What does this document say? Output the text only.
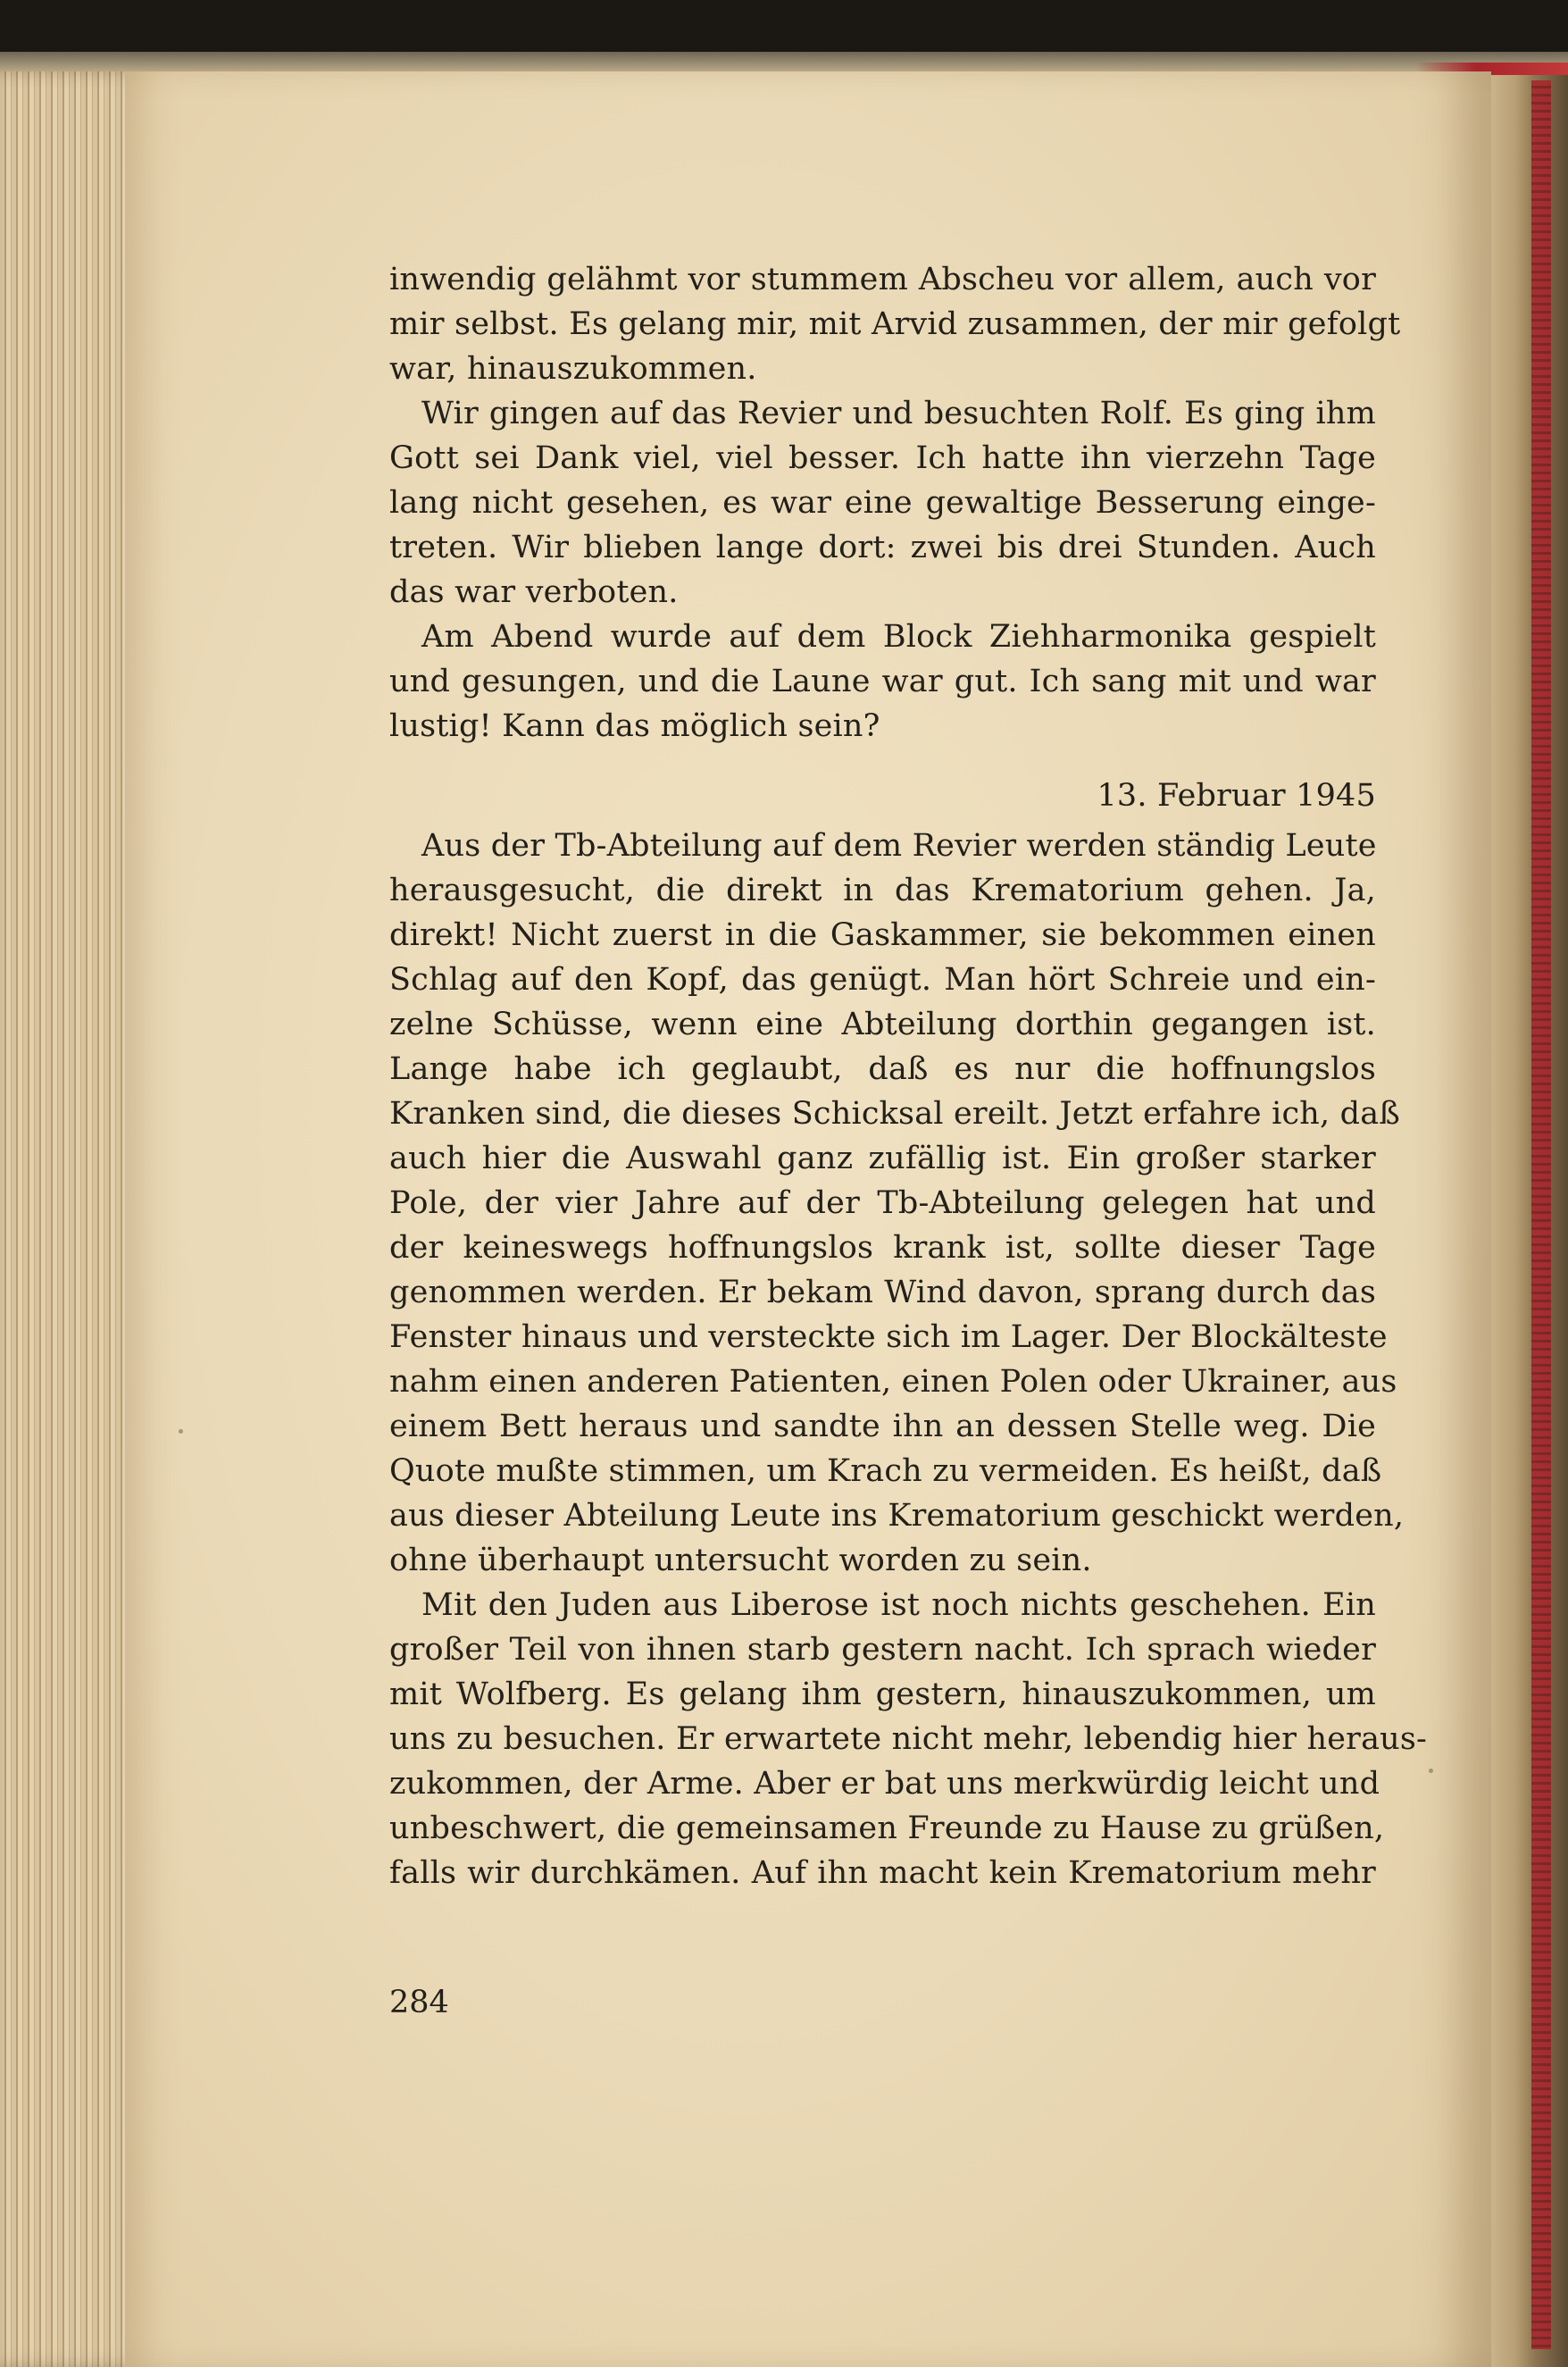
inwendig gelähmt vor stummem Abscheu vor allem, auch vor
mir selbst. Es gelang mir, mit Arvid zusammen, der mir gefolgt
war, hinauszukommen.
Wir gingen auf das Revier und besuchten Rolf. Es ging ihm
Gott sei Dank viel, viel besser. Ich hatte ihn vierzehn Tage
lang nicht gesehen, es war eine gewaltige Besserung einge-
treten. Wir blieben lange dort: zwei bis drei Stunden. Auch
das war verboten.
Am Abend wurde auf dem Block Ziehharmonika gespielt
und gesungen, und die Laune war gut. Ich sang mit und war
lustig! Kann das möglich sein?
13. Februar 1945
Aus der Tb-Abteilung auf dem Revier werden ständig Leute
herausgesucht, die direkt in das Krematorium gehen. Ja,
direkt! Nicht zuerst in die Gaskammer, sie bekommen einen
Schlag auf den Kopf, das genügt. Man hört Schreie und ein-
zelne Schüsse, wenn eine Abteilung dorthin gegangen ist.
Lange habe ich geglaubt, daß es nur die hoffnungslos
Kranken sind, die dieses Schicksal ereilt. Jetzt erfahre ich, daß
auch hier die Auswahl ganz zufällig ist. Ein großer starker
Pole, der vier Jahre auf der Tb-Abteilung gelegen hat und
der keineswegs hoffnungslos krank ist, sollte dieser Tage
genommen werden. Er bekam Wind davon, sprang durch das
Fenster hinaus und versteckte sich im Lager. Der Blockälteste
nahm einen anderen Patienten, einen Polen oder Ukrainer, aus
einem Bett heraus und sandte ihn an dessen Stelle weg. Die
Quote mußte stimmen, um Krach zu vermeiden. Es heißt, daß
aus dieser Abteilung Leute ins Krematorium geschickt werden,
ohne überhaupt untersucht worden zu sein.
Mit den Juden aus Liberose ist noch nichts geschehen. Ein
großer Teil von ihnen starb gestern nacht. Ich sprach wieder
mit Wolfberg. Es gelang ihm gestern, hinauszukommen, um
uns zu besuchen. Er erwartete nicht mehr, lebendig hier heraus-
zukommen, der Arme. Aber er bat uns merkwürdig leicht und
unbeschwert, die gemeinsamen Freunde zu Hause zu grüßen,
falls wir durchkämen. Auf ihn macht kein Krematorium mehr
284
